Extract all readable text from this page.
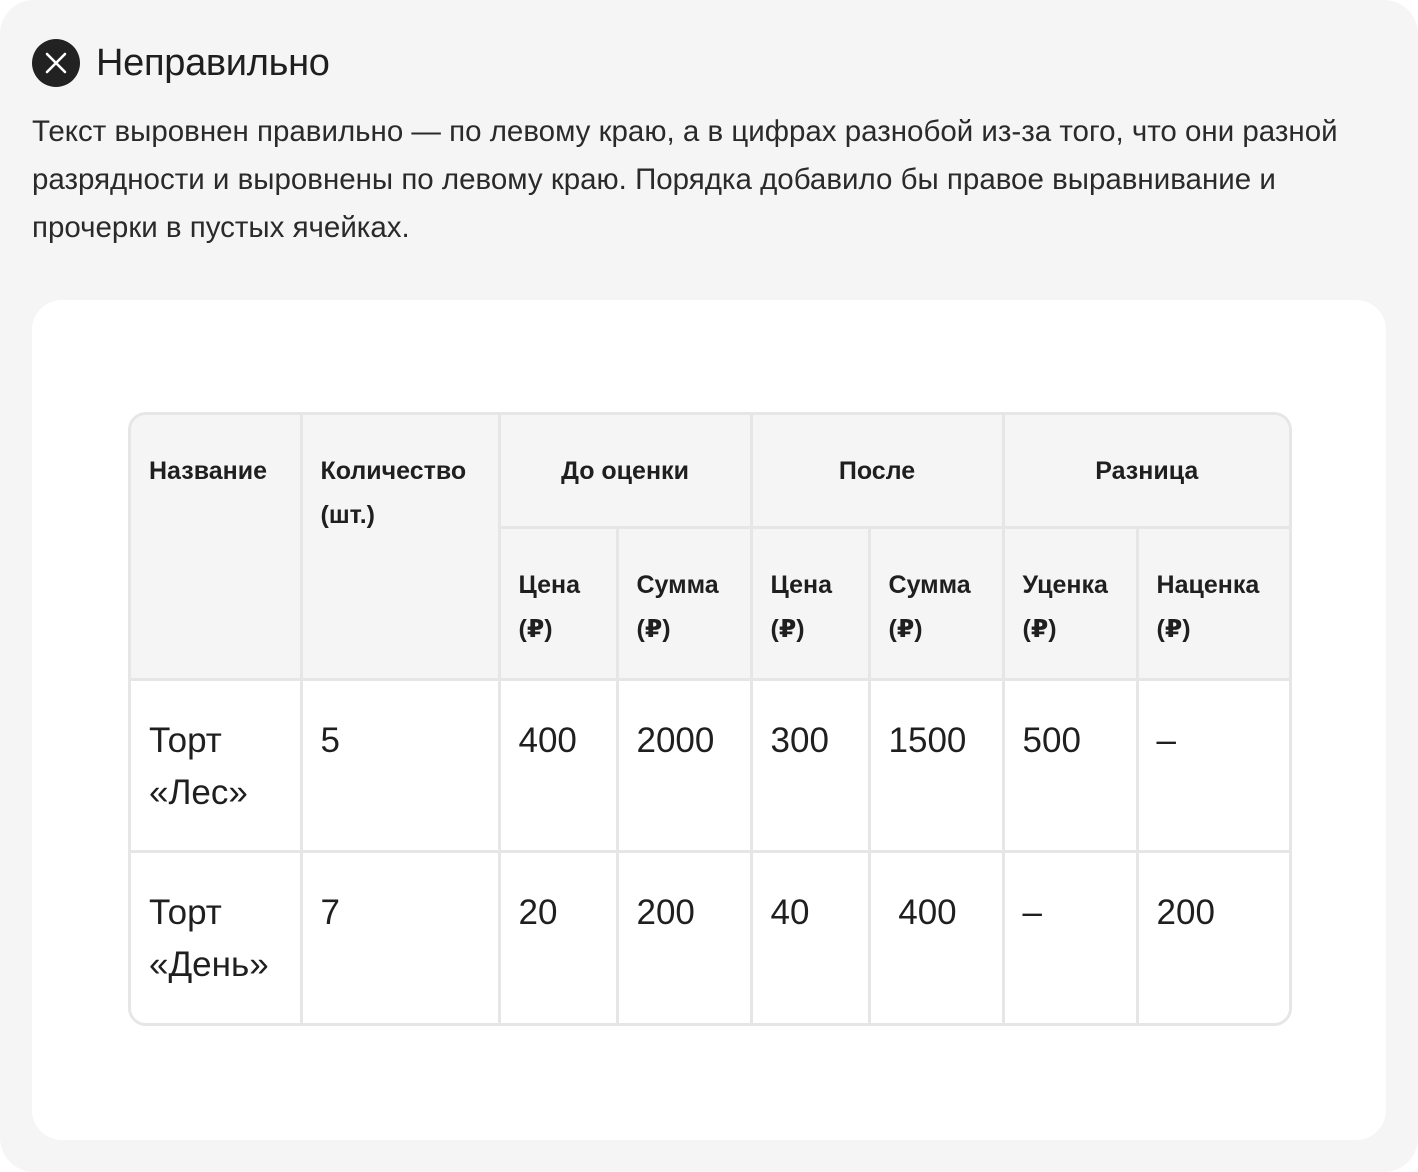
Неправильно
Текст выровнен правильно — по левому краю, а в цифрах разнобой из-за того, что они разной разрядности и выровнены по левому краю. Порядка добавило бы правое выравнивание и прочерки в пустых ячейках.
Название	Количество (шт.)	До оценки		После		Разница	
		Цена (₽)	Сумма (₽)	Цена (₽)	Сумма (₽)	Уценка (₽)	Наценка (₽)
Торт «Лес»	5	400	2000	300	1500	500	–
Торт «День»	7	20	200	40	400	–	200
